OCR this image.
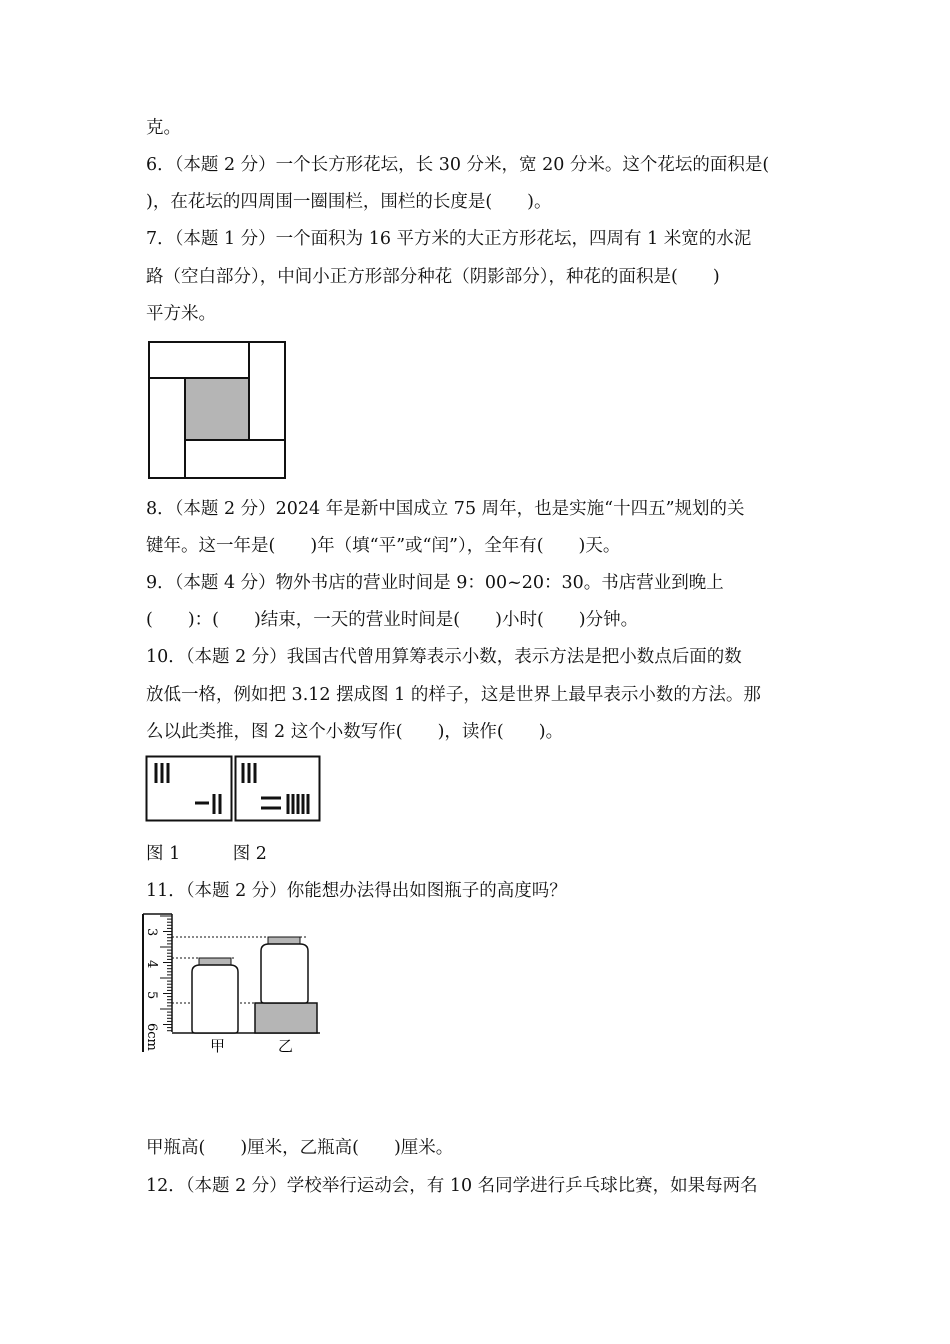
克。
6．（本题 2 分）一个长方形花坛，长 30 分米，宽 20 分米。这个花坛的面积是(
)，在花坛的四周围一圈围栏，围栏的长度是(　　)。
7．（本题 1 分）一个面积为 16 平方米的大正方形花坛，四周有 1 米宽的水泥
路（空白部分），中间小正方形部分种花（阴影部分），种花的面积是(　　)
平方米。
8．（本题 2 分）2024 年是新中国成立 75 周年，也是实施“十四五”规划的关
键年。这一年是(　　)年（填“平”或“闰”），全年有(　　)天。
9．（本题 4 分）物外书店的营业时间是 9：00~20：30。书店营业到晚上
(　　)：(　　)结束，一天的营业时间是(　　)小时(　　)分钟。
10．（本题 2 分）我国古代曾用算筹表示小数，表示方法是把小数点后面的数
放低一格，例如把 3.12 摆成图 1 的样子，这是世界上最早表示小数的方法。那
么以此类推，图 2 这个小数写作(　　)，读作(　　)。
图 1　　　图 2
11．（本题 2 分）你能想办法得出如图瓶子的高度吗？
3
4
5
6cm	甲	乙
甲瓶高(　　)厘米，乙瓶高(　　)厘米。
12．（本题 2 分）学校举行运动会，有 10 名同学进行乒乓球比赛，如果每两名
